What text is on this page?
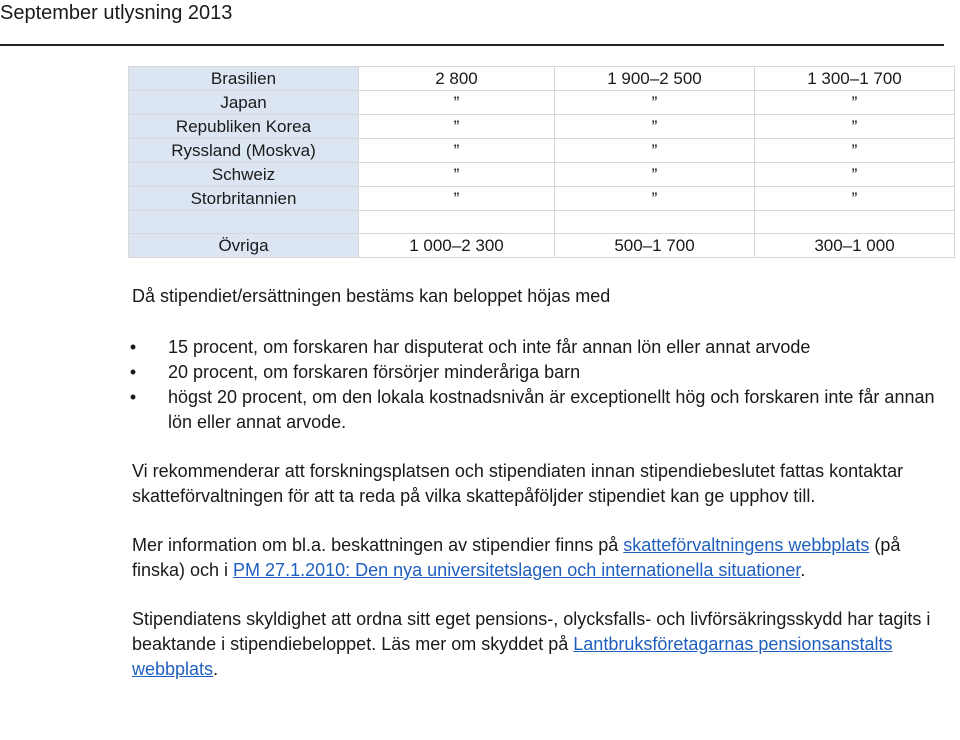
September utlysning 2013
Brasilien	2 800	1 900–2 500	1 300–1 700
Japan	”	”	”
Republiken Korea	”	”	”
Ryssland (Moskva)	”	”	”
Schweiz	”	”	”
Storbritannien	”	”	”

Övriga	1 000–2 300	500–1 700	300–1 000

Då stipendiet/ersättningen bestäms kan beloppet höjas med

• 15 procent, om forskaren har disputerat och inte får annan lön eller annat arvode
• 20 procent, om forskaren försörjer minderåriga barn
• högst 20 procent, om den lokala kostnadsnivån är exceptionellt hög och forskaren inte får annan lön eller annat arvode.

Vi rekommenderar att forskningsplatsen och stipendiaten innan stipendiebeslutet fattas kontaktar skatteförvaltningen för att ta reda på vilka skattepåföljder stipendiet kan ge upphov till.

Mer information om bl.a. beskattningen av stipendier finns på skatteförvaltningens webbplats (på finska) och i PM 27.1.2010: Den nya universitetslagen och internationella situationer.

Stipendiatens skyldighet att ordna sitt eget pensions-, olycksfalls- och livförsäkringsskydd har tagits i beaktande i stipendiebeloppet. Läs mer om skyddet på Lantbruksföretagarnas pensionsanstalts webbplats.
